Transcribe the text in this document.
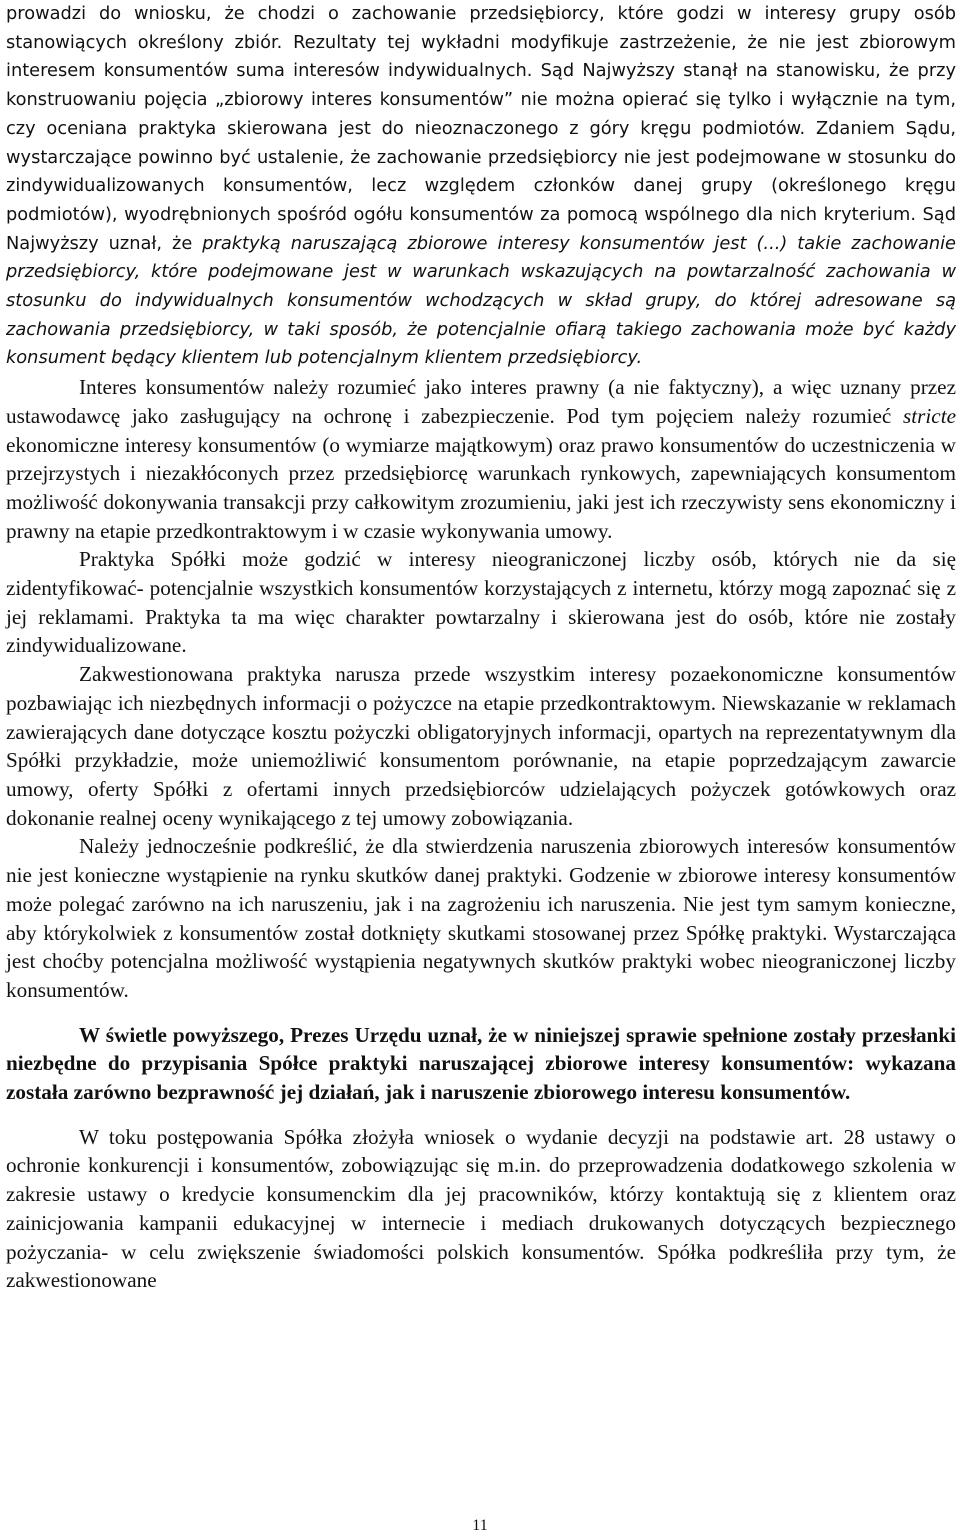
prowadzi do wniosku, że chodzi o zachowanie przedsiębiorcy, które godzi w interesy grupy osób stanowiących określony zbiór. Rezultaty tej wykładni modyfikuje zastrzeżenie, że nie jest zbiorowym interesem konsumentów suma interesów indywidualnych. Sąd Najwyższy stanął na stanowisku, że przy konstruowaniu pojęcia „zbiorowy interes konsumentów” nie można opierać się tylko i wyłącznie na tym, czy oceniana praktyka skierowana jest do nieoznaczonego z góry kręgu podmiotów. Zdaniem Sądu, wystarczające powinno być ustalenie, że zachowanie przedsiębiorcy nie jest podejmowane w stosunku do zindywidualizowanych konsumentów, lecz względem członków danej grupy (określonego kręgu podmiotów), wyodrębnionych spośród ogółu konsumentów za pomocą wspólnego dla nich kryterium. Sąd Najwyższy uznał, że praktyką naruszającą zbiorowe interesy konsumentów jest (...) takie zachowanie przedsiębiorcy, które podejmowane jest w warunkach wskazujących na powtarzalność zachowania w stosunku do indywidualnych konsumentów wchodzących w skład grupy, do której adresowane są zachowania przedsiębiorcy, w taki sposób, że potencjalnie ofiarą takiego zachowania może być każdy konsument będący klientem lub potencjalnym klientem przedsiębiorcy.

Interes konsumentów należy rozumieć jako interes prawny (a nie faktyczny), a więc uznany przez ustawodawcę jako zasługujący na ochronę i zabezpieczenie. Pod tym pojęciem należy rozumieć stricte ekonomiczne interesy konsumentów (o wymiarze majątkowym) oraz prawo konsumentów do uczestniczenia w przejrzystych i niezakłóconych przez przedsiębiorcę warunkach rynkowych, zapewniających konsumentom możliwość dokonywania transakcji przy całkowitym zrozumieniu, jaki jest ich rzeczywisty sens ekonomiczny i prawny na etapie przedkontraktowym i w czasie wykonywania umowy.

Praktyka Spółki może godzić w interesy nieograniczonej liczby osób, których nie da się zidentyfikować- potencjalnie wszystkich konsumentów korzystających z internetu, którzy mogą zapoznać się z jej reklamami. Praktyka ta ma więc charakter powtarzalny i skierowana jest do osób, które nie zostały zindywidualizowane.

Zakwestionowana praktyka narusza przede wszystkim interesy pozaekonomiczne konsumentów pozbawiając ich niezbędnych informacji o pożyczce na etapie przedkontraktowym. Niewskazanie w reklamach zawierających dane dotyczące kosztu pożyczki obligatoryjnych informacji, opartych na reprezentatywnym dla Spółki przykładzie, może uniemożliwić konsumentom porównanie, na etapie poprzedzającym zawarcie umowy, oferty Spółki z ofertami innych przedsiębiorców udzielających pożyczek gotówkowych oraz dokonanie realnej oceny wynikającego z tej umowy zobowiązania.

Należy jednocześnie podkreślić, że dla stwierdzenia naruszenia zbiorowych interesów konsumentów nie jest konieczne wystąpienie na rynku skutków danej praktyki. Godzenie w zbiorowe interesy konsumentów może polegać zarówno na ich naruszeniu, jak i na zagrożeniu ich naruszenia. Nie jest tym samym konieczne, aby którykolwiek z konsumentów został dotknięty skutkami stosowanej przez Spółkę praktyki. Wystarczająca jest choćby potencjalna możliwość wystąpienia negatywnych skutków praktyki wobec nieograniczonej liczby konsumentów.

W świetle powyższego, Prezes Urzędu uznał, że w niniejszej sprawie spełnione zostały przesłanki niezbędne do przypisania Spółce praktyki naruszającej zbiorowe interesy konsumentów: wykazana została zarówno bezprawność jej działań, jak i naruszenie zbiorowego interesu konsumentów.

W toku postępowania Spółka złożyła wniosek o wydanie decyzji na podstawie art. 28 ustawy o ochronie konkurencji i konsumentów, zobowiązując się m.in. do przeprowadzenia dodatkowego szkolenia w zakresie ustawy o kredycie konsumenckim dla jej pracowników, którzy kontaktują się z klientem oraz zainicjowania kampanii edukacyjnej w internecie i mediach drukowanych dotyczących bezpiecznego pożyczania- w celu zwiększenie świadomości polskich konsumentów. Spółka podkreśliła przy tym, że zakwestionowane

11
